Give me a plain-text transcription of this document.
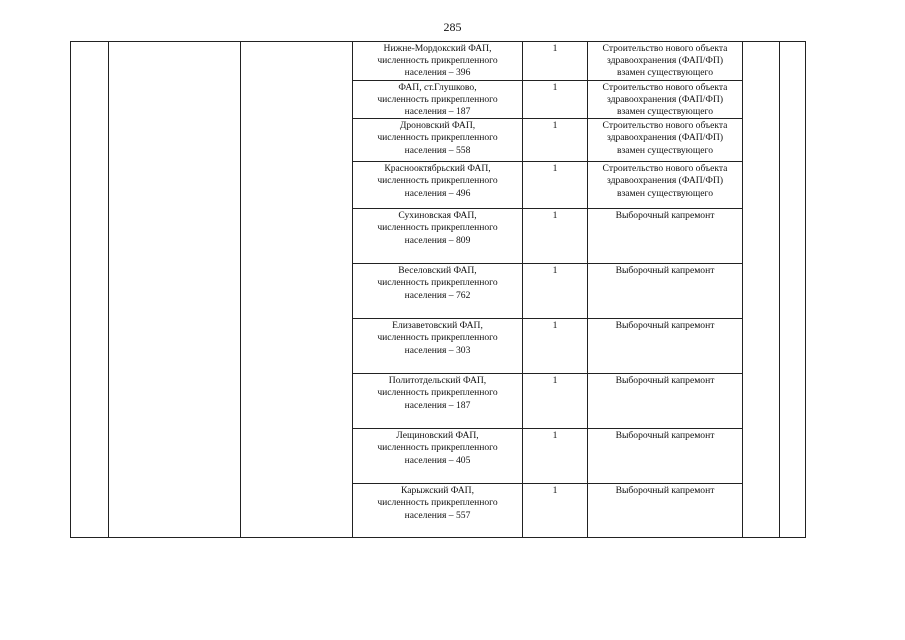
285

			Нижне-Мордокский ФАП,
численность прикрепленного
населения – 396	1	Строительство нового объекта
здравоохранения (ФАП/ФП)
взамен существующего		

			ФАП, ст.Глушково,
численность прикрепленного
населения – 187	1	Строительство нового объекта
здравоохранения (ФАП/ФП)
взамен существующего		

			Дроновский ФАП,
численность прикрепленного
населения – 558	1	Строительство нового объекта
здравоохранения (ФАП/ФП)
взамен существующего		

			Краснооктябрьский ФАП,
численность прикрепленного
населения – 496	1	Строительство нового объекта
здравоохранения (ФАП/ФП)
взамен существующего		

			Сухиновская ФАП,
численность прикрепленного
населения – 809	1	Выборочный капремонт		

			Веселовский ФАП,
численность прикрепленного
населения – 762	1	Выборочный капремонт		

			Елизаветовский ФАП,
численность прикрепленного
населения – 303	1	Выборочный капремонт		

			Политотдельский ФАП,
численность прикрепленного
населения – 187	1	Выборочный капремонт		

			Лещиновский ФАП,
численность прикрепленного
населения – 405	1	Выборочный капремонт		

			Карыжский ФАП,
численность прикрепленного
населения – 557	1	Выборочный капремонт		
